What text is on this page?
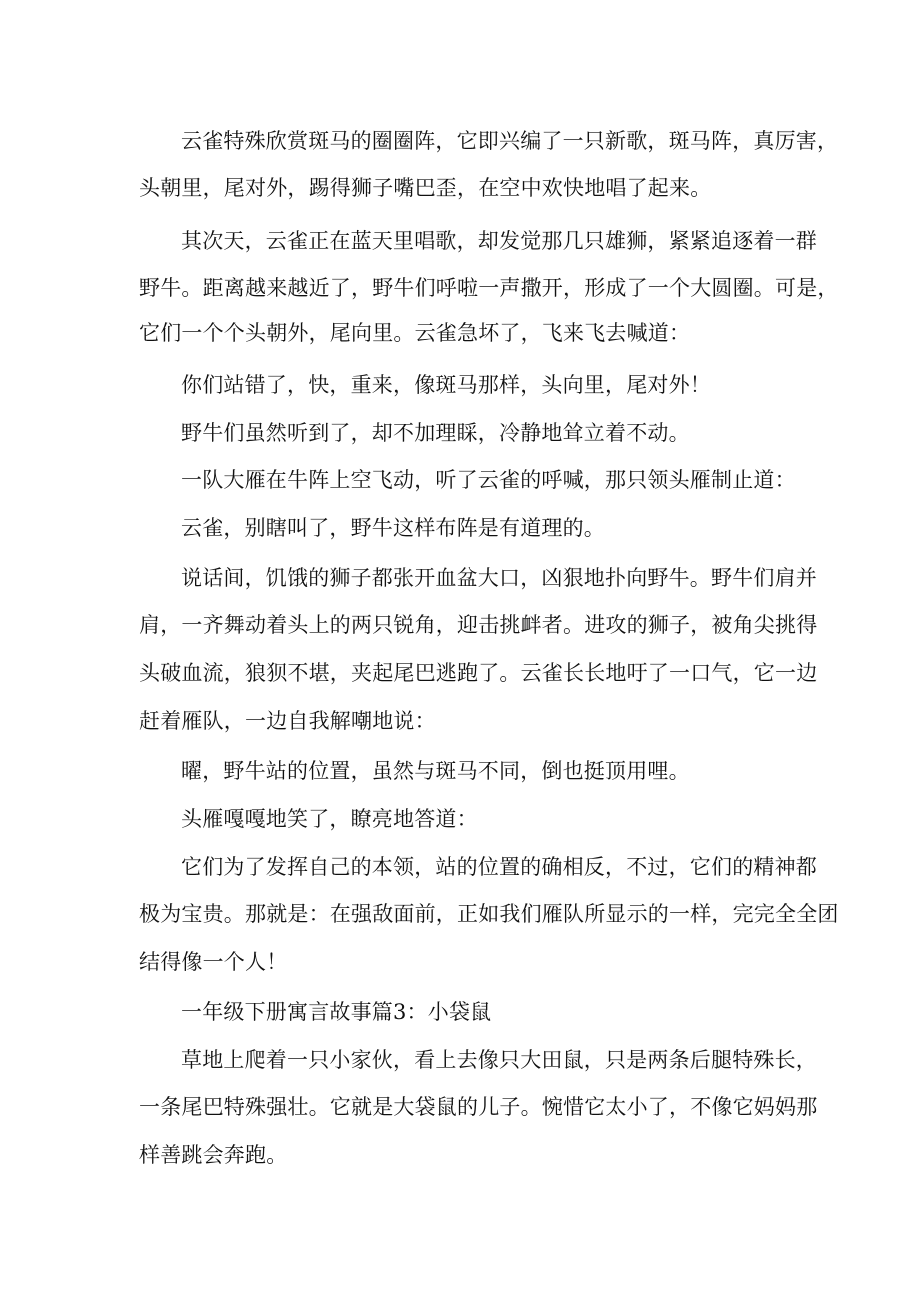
云雀特殊欣赏斑马的圈圈阵，它即兴编了一只新歌，斑马阵，真厉害，
头朝里，尾对外，踢得狮子嘴巴歪，在空中欢快地唱了起来。
其次天，云雀正在蓝天里唱歌，却发觉那几只雄狮，紧紧追逐着一群
野牛。距离越来越近了，野牛们呼啦一声撒开，形成了一个大圆圈。可是，
它们一个个头朝外，尾向里。云雀急坏了，飞来飞去喊道：
你们站错了，快，重来，像斑马那样，头向里，尾对外！
野牛们虽然听到了，却不加理睬，冷静地耸立着不动。
一队大雁在牛阵上空飞动，听了云雀的呼喊，那只领头雁制止道：
云雀，别瞎叫了，野牛这样布阵是有道理的。
说话间，饥饿的狮子都张开血盆大口，凶狠地扑向野牛。野牛们肩并
肩，一齐舞动着头上的两只锐角，迎击挑衅者。进攻的狮子，被角尖挑得
头破血流，狼狈不堪，夹起尾巴逃跑了。云雀长长地吁了一口气，它一边
赶着雁队，一边自我解嘲地说：
曜，野牛站的位置，虽然与斑马不同，倒也挺顶用哩。
头雁嘎嘎地笑了，瞭亮地答道：
它们为了发挥自己的本领，站的位置的确相反，不过，它们的精神都
极为宝贵。那就是：在强敌面前，正如我们雁队所显示的一样，完完全全团
结得像一个人！
一年级下册寓言故事篇3：小袋鼠
草地上爬着一只小家伙，看上去像只大田鼠，只是两条后腿特殊长，
一条尾巴特殊强壮。它就是大袋鼠的儿子。惋惜它太小了，不像它妈妈那
样善跳会奔跑。
